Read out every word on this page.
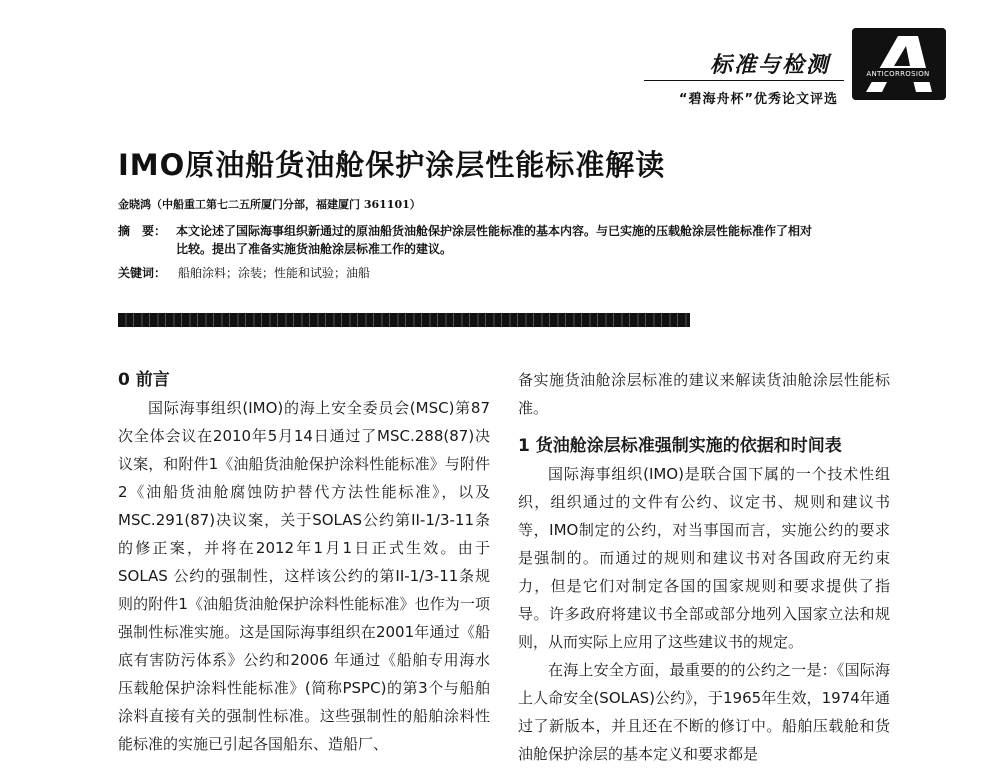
标准与检测
“碧海舟杯”优秀论文评选
ANTICORROSION
IMO原油船货油舱保护涂层性能标准解读
金晓鸿（中船重工第七二五所厦门分部，福建厦门 361101）
摘　要： 本文论述了国际海事组织新通过的原油船货油舱保护涂层性能标准的基本内容。与已实施的压载舱涂层性能标准作了相对比较。提出了准备实施货油舱涂层标准工作的建议。
关键词： 船舶涂料；涂装；性能和试验；油船
0 前言

国际海事组织(IMO)的海上安全委员会(MSC)第87 次全体会议在2010年5月14日通过了MSC.288(87)决议案，和附件1《油船货油舱保护涂料性能标准》与附件2《油船货油舱腐蚀防护替代方法性能标准》，以及MSC.291(87)决议案，关于SOLAS公约第II-1/3-11条的修正案，并将在2012年1月1日正式生效。由于SOLAS 公约的强制性，这样该公约的第II-1/3-11条规则的附件1《油船货油舱保护涂料性能标准》也作为一项强制性标准实施。这是国际海事组织在2001年通过《船底有害防污体系》公约和2006 年通过《船舶专用海水压载舱保护涂料性能标准》(简称PSPC)的第3个与船舶涂料直接有关的强制性标准。这些强制性的船舶涂料性能标准的实施已引起各国船东、造船厂、

备实施货油舱涂层标准的建议来解读货油舱涂层性能标准。

1 货油舱涂层标准强制实施的依据和时间表

国际海事组织(IMO)是联合国下属的一个技术性组织，组织通过的文件有公约、议定书、规则和建议书等，IMO制定的公约，对当事国而言，实施公约的要求是强制的。而通过的规则和建议书对各国政府无约束力，但是它们对制定各国的国家规则和要求提供了指导。许多政府将建议书全部或部分地列入国家立法和规则，从而实际上应用了这些建议书的规定。

在海上安全方面，最重要的的公约之一是：《国际海上人命安全(SOLAS)公约》，于1965年生效，1974年通过了新版本，并且还在不断的修订中。船舶压载舱和货油舱保护涂层的基本定义和要求都是
